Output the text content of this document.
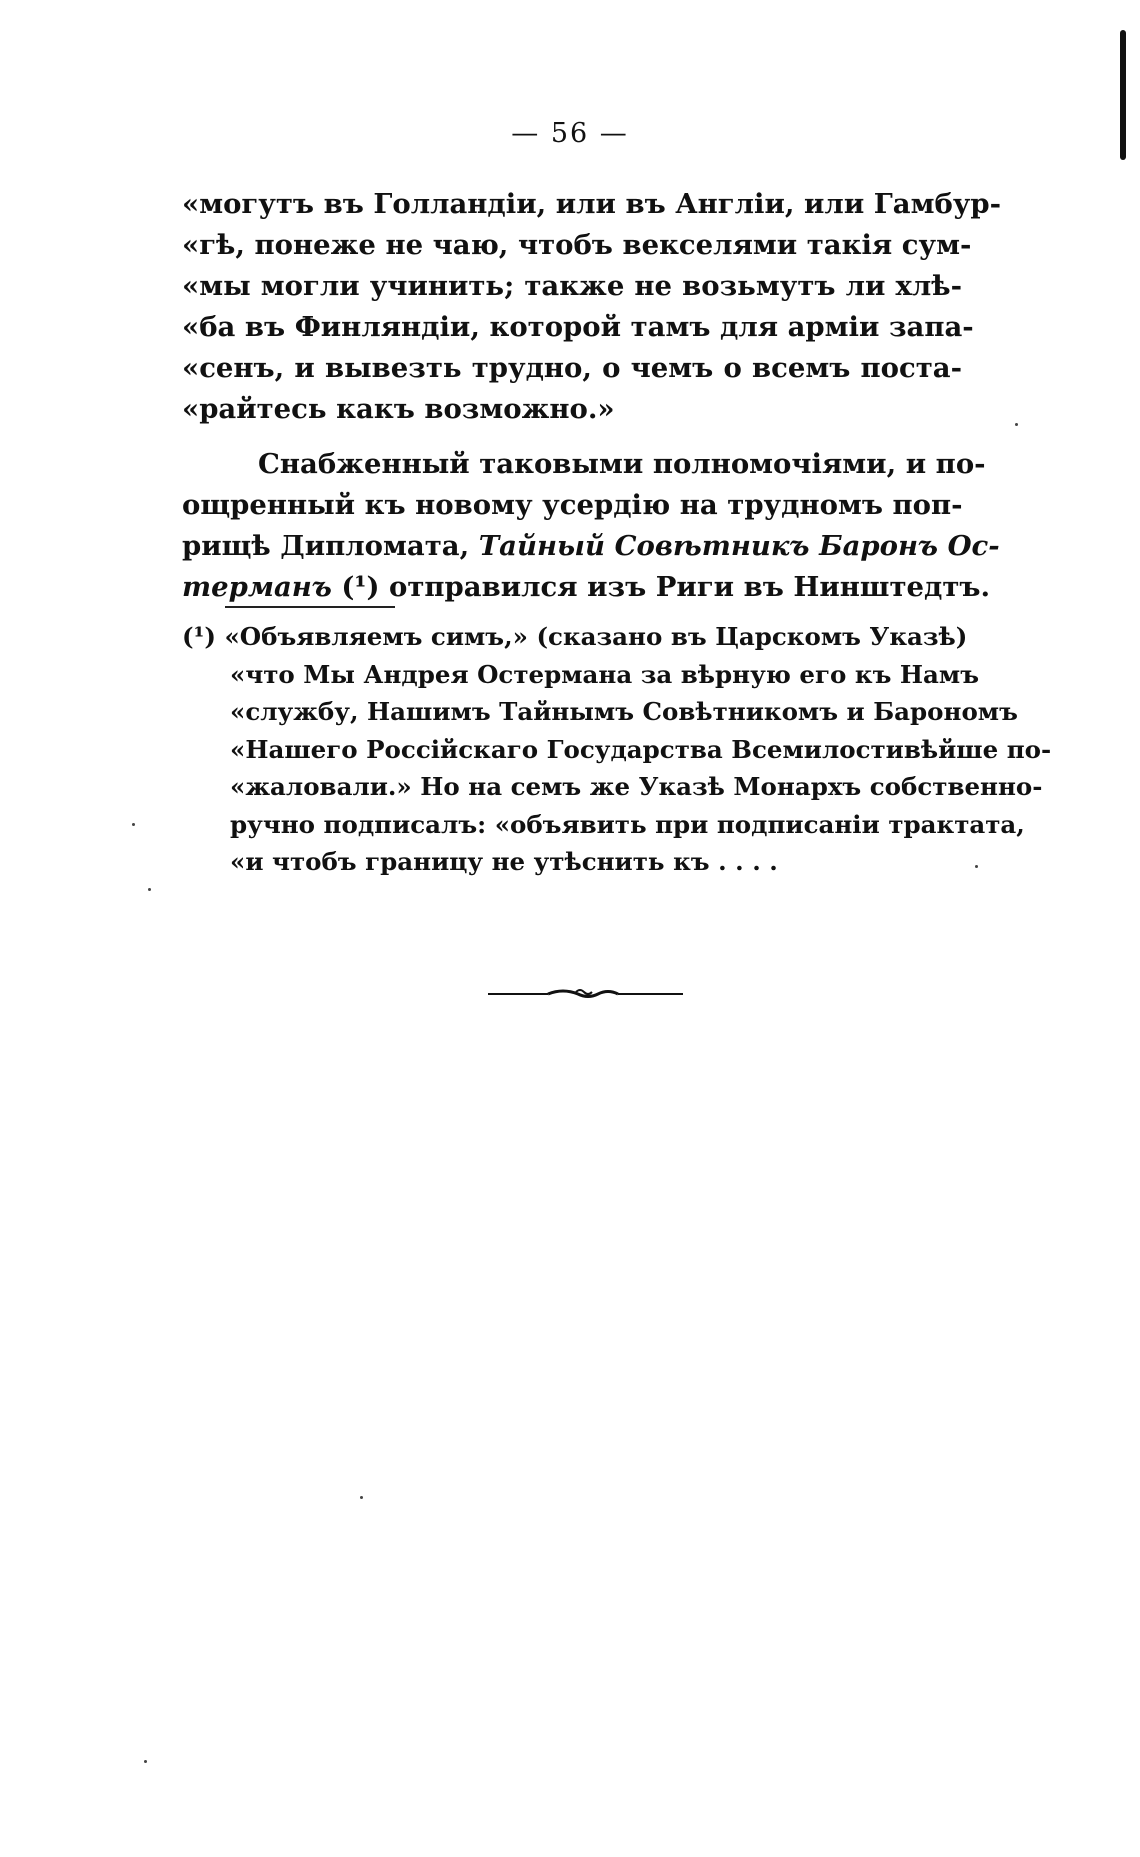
— 56 —
«могутъ въ Голландіи, или въ Англіи, или Гамбур-
«гѣ, понеже не чаю, чтобъ векселями такія сум-
«мы могли учинить; также не возьмутъ ли хлѣ-
«ба въ Финляндіи, которой тамъ для арміи запа-
«сенъ, и вывезть трудно, о чемъ о всемъ поста-
«райтесь какъ возможно.»
Снабженный таковыми полномочіями, и по-
ощренный къ новому усердію на трудномъ поп-
рищѣ Дипломата, Тайный Совѣтникъ Баронъ Ос-
терманъ (¹) отправился изъ Риги въ Нинштедтъ.
(¹) «Объявляемъ симъ,» (сказано въ Царскомъ Указѣ)
«что Мы Андрея Остермана за вѣрную его къ Намъ
«службу, Нашимъ Тайнымъ Совѣтникомъ и Барономъ
«Нашего Россійскаго Государства Всемилостивѣйше по-
«жаловали.» Но на семъ же Указѣ Монархъ собственно-
ручно подписалъ: «объявить при подписаніи трактата,
«и чтобъ границу не утѣснить къ . . . .
